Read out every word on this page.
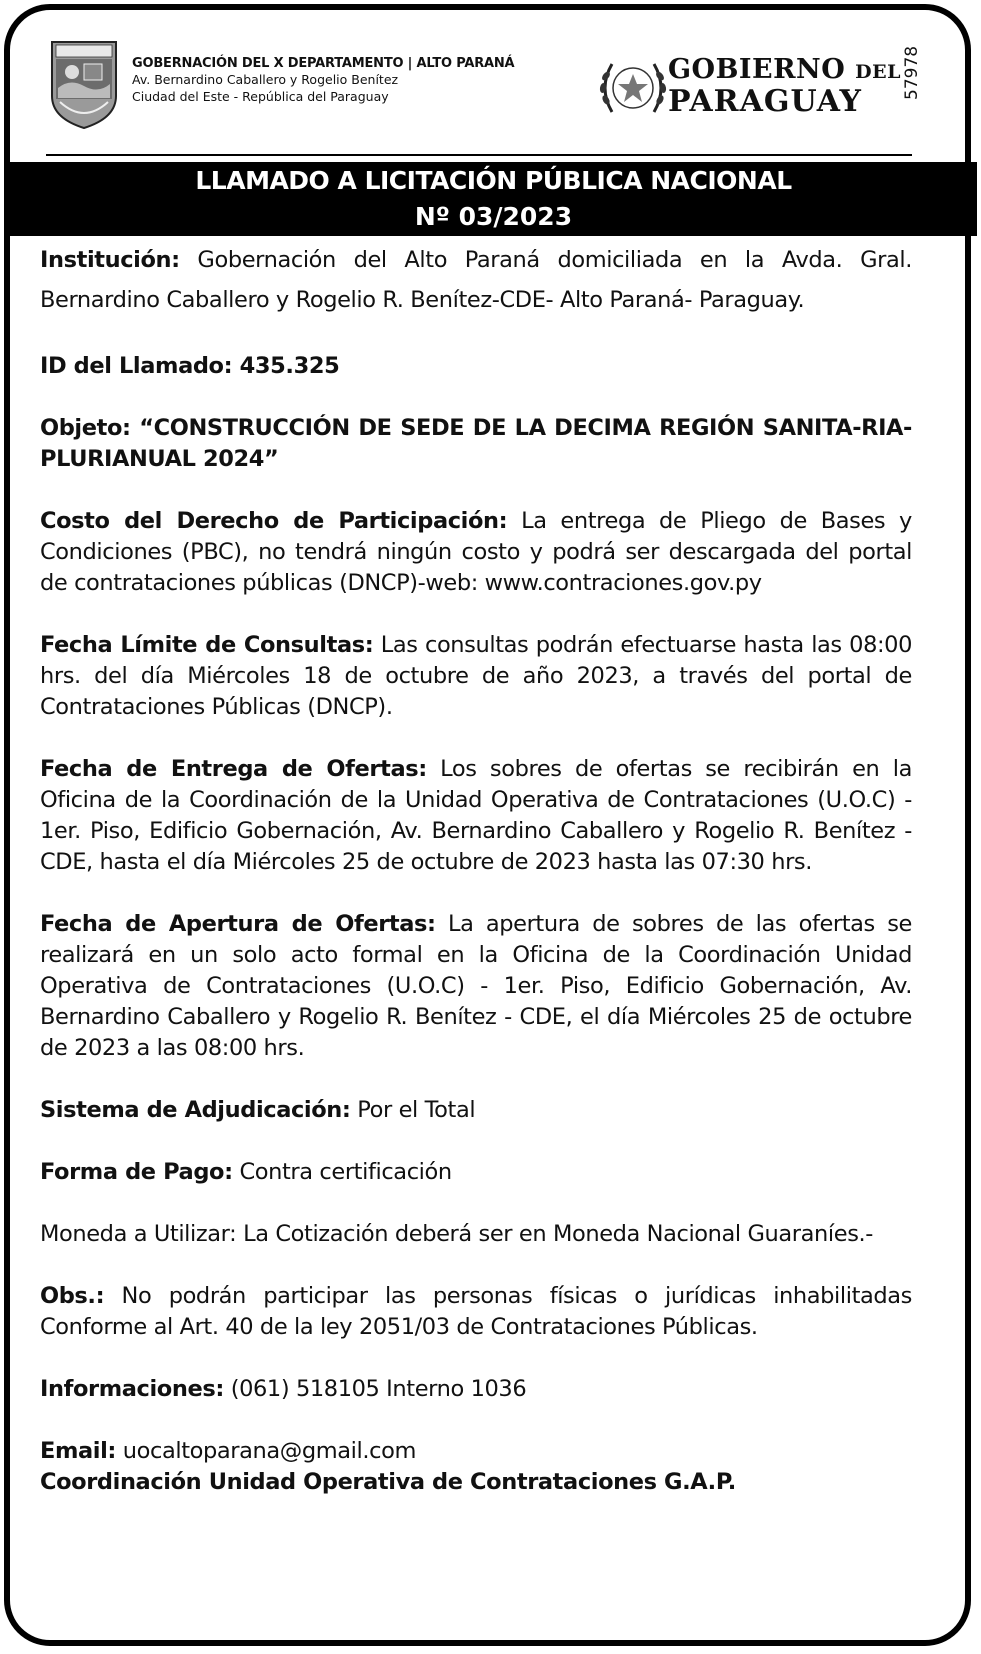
GOBERNACIÓN DEL X DEPARTAMENTO | ALTO PARANÁ
Av. Bernardino Caballero y Rogelio Benítez
Ciudad del Este - República del Paraguay
GOBIERNO DEL
PARAGUAY
57978
LLAMADO A LICITACIÓN PÚBLICA NACIONAL
Nº 03/2023

Institución: Gobernación del Alto Paraná domiciliada en la Avda. Gral. Bernardino Caballero y Rogelio R. Benítez-CDE- Alto Paraná- Paraguay.

ID del Llamado: 435.325

Objeto: “CONSTRUCCIÓN DE SEDE DE LA DECIMA REGIÓN SANITA-RIA-PLURIANUAL 2024”

Costo del Derecho de Participación: La entrega de Pliego de Bases y Condiciones (PBC), no tendrá ningún costo y podrá ser descargada del portal de contrataciones públicas (DNCP)-web: www.contraciones.gov.py

Fecha Límite de Consultas: Las consultas podrán efectuarse hasta las 08:00 hrs. del día Miércoles 18 de octubre de año 2023, a través del portal de Contrataciones Públicas (DNCP).

Fecha de Entrega de Ofertas: Los sobres de ofertas se recibirán en la Oficina de la Coordinación de la Unidad Operativa de Contrataciones (U.O.C) - 1er. Piso, Edificio Gobernación, Av. Bernardino Caballero y Rogelio R. Benítez - CDE, hasta el día Miércoles 25 de octubre de 2023 hasta las 07:30 hrs.

Fecha de Apertura de Ofertas: La apertura de sobres de las ofertas se realizará en un solo acto formal en la Oficina de la Coordinación Unidad Operativa de Contrataciones (U.O.C) - 1er. Piso, Edificio Gobernación, Av. Bernardino Caballero y Rogelio R. Benítez - CDE, el día Miércoles 25 de octubre de 2023 a las 08:00 hrs.

Sistema de Adjudicación: Por el Total

Forma de Pago: Contra certificación

Moneda a Utilizar: La Cotización deberá ser en Moneda Nacional Guaraníes.-

Obs.: No podrán participar las personas físicas o jurídicas inhabilitadas Conforme al Art. 40 de la ley 2051/03 de Contrataciones Públicas.

Informaciones: (061) 518105 Interno 1036

Email: uocaltoparana@gmail.com

Coordinación Unidad Operativa de Contrataciones G.A.P.
